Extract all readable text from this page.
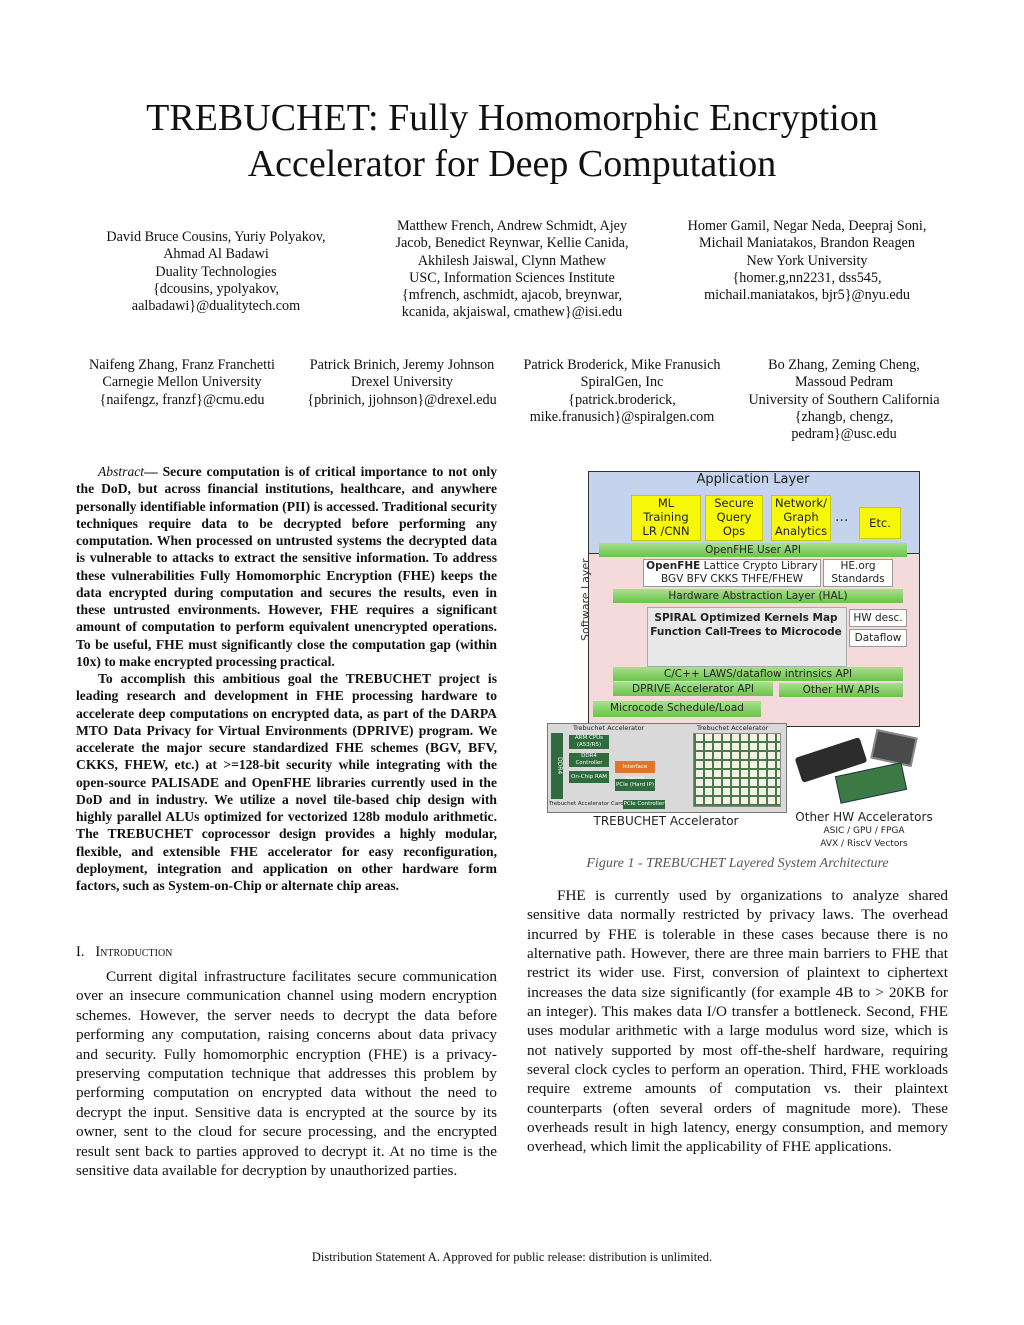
TREBUCHET: Fully Homomorphic Encryption
Accelerator for Deep Computation
David Bruce Cousins, Yuriy Polyakov,
Ahmad Al Badawi
Duality Technologies
{dcousins, ypolyakov,
aalbadawi}@dualitytech.com
Matthew French, Andrew Schmidt, Ajey
Jacob, Benedict Reynwar, Kellie Canida,
Akhilesh Jaiswal, Clynn Mathew
USC, Information Sciences Institute
{mfrench, aschmidt, ajacob, breynwar,
kcanida, akjaiswal, cmathew}@isi.edu
Homer Gamil, Negar Neda, Deepraj Soni,
Michail Maniatakos, Brandon Reagen
New York University
{homer.g,nn2231, dss545,
michail.maniatakos, bjr5}@nyu.edu
Naifeng Zhang, Franz Franchetti
Carnegie Mellon University
{naifengz, franzf}@cmu.edu
Patrick Brinich, Jeremy Johnson
Drexel University
{pbrinich, jjohnson}@drexel.edu
Patrick Broderick, Mike Franusich
SpiralGen, Inc
{patrick.broderick,
mike.franusich}@spiralgen.com
Bo Zhang, Zeming Cheng,
Massoud Pedram
University of Southern California
{zhangb, chengz,
pedram}@usc.edu

Abstract— Secure computation is of critical importance to not only the DoD, but across financial institutions, healthcare, and anywhere personally identifiable information (PII) is accessed. Traditional security techniques require data to be decrypted before performing any computation. When processed on untrusted systems the decrypted data is vulnerable to attacks to extract the sensitive information. To address these vulnerabilities Fully Homomorphic Encryption (FHE) keeps the data encrypted during computation and secures the results, even in these untrusted environments. However, FHE requires a significant amount of computation to perform equivalent unencrypted operations. To be useful, FHE must significantly close the computation gap (within 10x) to make encrypted processing practical.

To accomplish this ambitious goal the TREBUCHET project is leading research and development in FHE processing hardware to accelerate deep computations on encrypted data, as part of the DARPA MTO Data Privacy for Virtual Environments (DPRIVE) program. We accelerate the major secure standardized FHE schemes (BGV, BFV, CKKS, FHEW, etc.) at >=128-bit security while integrating with the open-source PALISADE and OpenFHE libraries currently used in the DoD and in industry. We utilize a novel tile-based chip design with highly parallel ALUs optimized for vectorized 128b modulo arithmetic. The TREBUCHET coprocessor design provides a highly modular, flexible, and extensible FHE accelerator for easy reconfiguration, deployment, integration and application on other hardware form factors, such as System-on-Chip or alternate chip areas.

I. Introduction

Current digital infrastructure facilitates secure communication over an insecure communication channel using modern encryption schemes. However, the server needs to decrypt the data before performing any computation, raising concerns about data privacy and security. Fully homomorphic encryption (FHE) is a privacy-preserving computation technique that addresses this problem by performing computation on encrypted data without the need to decrypt the input. Sensitive data is encrypted at the source by its owner, sent to the cloud for secure processing, and the encrypted result sent back to parties approved to decrypt it. At no time is the sensitive data available for decryption by unauthorized parties.

Application Layer
ML
Training
LR /CNN
Secure
Query
Ops
Network/
Graph
Analytics
...	Etc.
Software Layer
OpenFHE User API
OpenFHE Lattice Crypto Library
BGV BFV CKKS THFE/FHEW
HE.org
Standards
Hardware Abstraction Layer (HAL)
SPIRAL Optimized Kernels Map
Function Call-Trees to Microcode
HW desc.
Dataflow
C/C++ LAWS/dataflow intrinsics API
DPRIVE Accelerator API	Other HW APIs
Microcode Schedule/Load
Trebuchet Accelerator	Trebuchet Accelerator
DDR4
ARM CPUs (A53/R5)
DDR4 Controller
On-Chip RAM
Interface
PCIe (Hard IP)
PCIe Controller
Trebuchet Accelerator Card
TREBUCHET Accelerator	Other HW Accelerators
ASIC / GPU / FPGA
AVX / RiscV Vectors
Figure 1 - TREBUCHET Layered System Architecture

FHE is currently used by organizations to analyze shared sensitive data normally restricted by privacy laws. The overhead incurred by FHE is tolerable in these cases because there is no alternative path. However, there are three main barriers to FHE that restrict its wider use. First, conversion of plaintext to ciphertext increases the data size significantly (for example 4B to > 20KB for an integer). This makes data I/O transfer a bottleneck. Second, FHE uses modular arithmetic with a large modulus word size, which is not natively supported by most off-the-shelf hardware, requiring several clock cycles to perform an operation. Third, FHE workloads require extreme amounts of computation vs. their plaintext counterparts (often several orders of magnitude more). These overheads result in high latency, energy consumption, and memory overhead, which limit the applicability of FHE applications.

Distribution Statement A. Approved for public release: distribution is unlimited.
